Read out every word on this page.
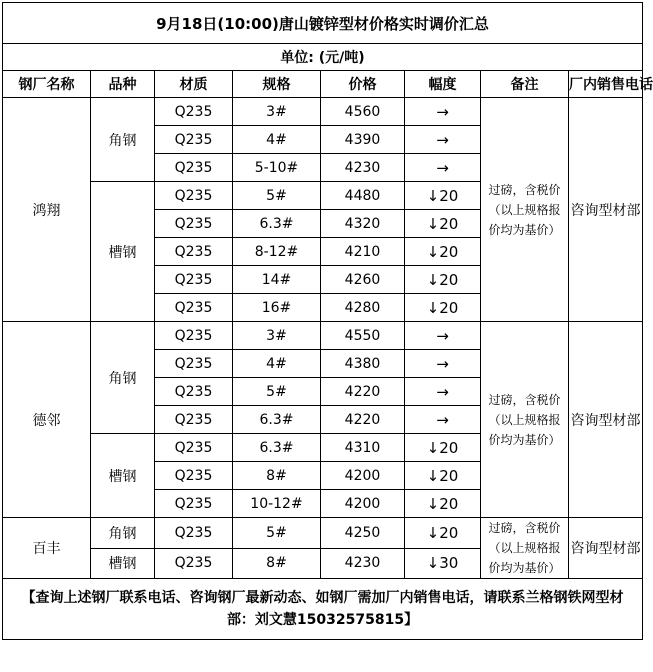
9月18日(10:00)唐山镀锌型材价格实时调价汇总							
单位: (元/吨)							
钢厂名称	品种	材质	规格	价格	幅度	备注	厂内销售电话
鸿翔	角钢	Q235	3#	4560	→	过磅，含税价（以上规格报价均为基价）	咨询型材部
		Q235	4#	4390	→		
		Q235	5-10#	4230	→		
	槽钢	Q235	5#	4480	↓20		
		Q235	6.3#	4320	↓20		
		Q235	8-12#	4210	↓20		
		Q235	14#	4260	↓20		
		Q235	16#	4280	↓20		
德邻	角钢	Q235	3#	4550	→	过磅，含税价（以上规格报价均为基价）	咨询型材部
		Q235	4#	4380	→		
		Q235	5#	4220	→		
		Q235	6.3#	4220	→		
	槽钢	Q235	6.3#	4310	↓20		
		Q235	8#	4200	↓20		
		Q235	10-12#	4200	↓20		
百丰	角钢	Q235	5#	4250	↓20	过磅，含税价（以上规格报价均为基价）	咨询型材部
	槽钢	Q235	8#	4230	↓30		
【查询上述钢厂联系电话、咨询钢厂最新动态、如钢厂需加厂内销售电话，请联系兰格钢铁网型材部：刘文慧15032575815】							
